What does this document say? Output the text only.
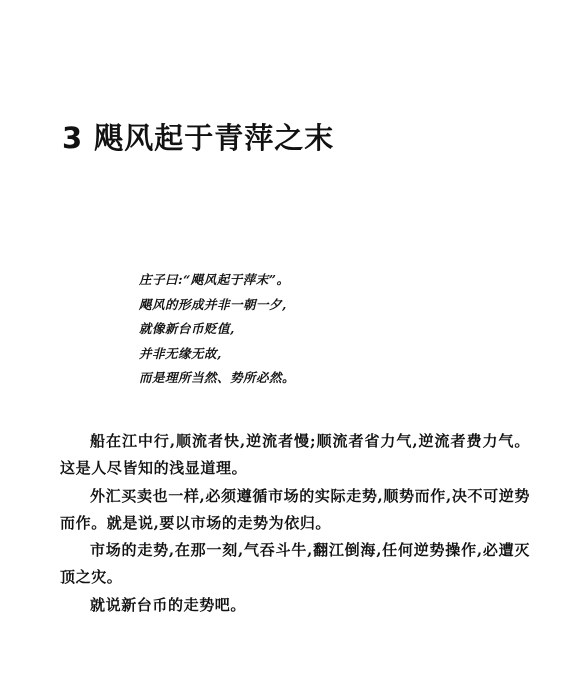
3 飓风起于青萍之末
庄子曰:“飓风起于萍末”。
飓风的形成并非一朝一夕,
就像新台币贬值,
并非无缘无故,
而是理所当然、势所必然。

船在江中行,顺流者快,逆流者慢;顺流者省力气,逆流者费力气。这是人尽皆知的浅显道理。

外汇买卖也一样,必须遵循市场的实际走势,顺势而作,决不可逆势而作。就是说,要以市场的走势为依归。

市场的走势,在那一刻,气吞斗牛,翻江倒海,任何逆势操作,必遭灭顶之灾。

就说新台币的走势吧。
